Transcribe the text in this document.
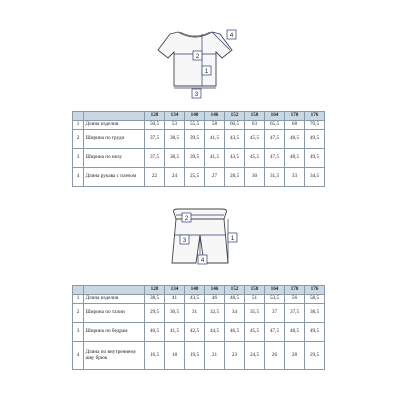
1
2
3
4
		128	134	140	146	152	158	164	170	176
1	Длина изделия	50,5	53	55,5	58	60,5	63	65,5	68	70,5
2	Ширина по груди	37,5	38,5	39,5	41,5	43,5	45,5	47,5	48,5	49,5
3	Ширина по низу	37,5	38,5	39,5	41,5	43,5	45,5	47,5	48,5	49,5
4	Длина рукава с плечом	22	24	25,5	27	28,5	30	31,5	33	34,5
2
3	1
4
		128	134	140	146	152	158	164	170	176
1	Длина изделия	38,5	41	43,5	46	48,5	51	53,5	56	58,5
2	Ширина по талии	29,5	30,5	31	32,5	34	35,5	37	37,5	38,5
3	Ширина по бедрам	40,5	41,5	42,5	44,5	46,5	45,5	47,5	48,5	49,5
4	Длина по внутреннему шву брюк	16,5	18	19,5	21	23	24,5	26	28	29,5
